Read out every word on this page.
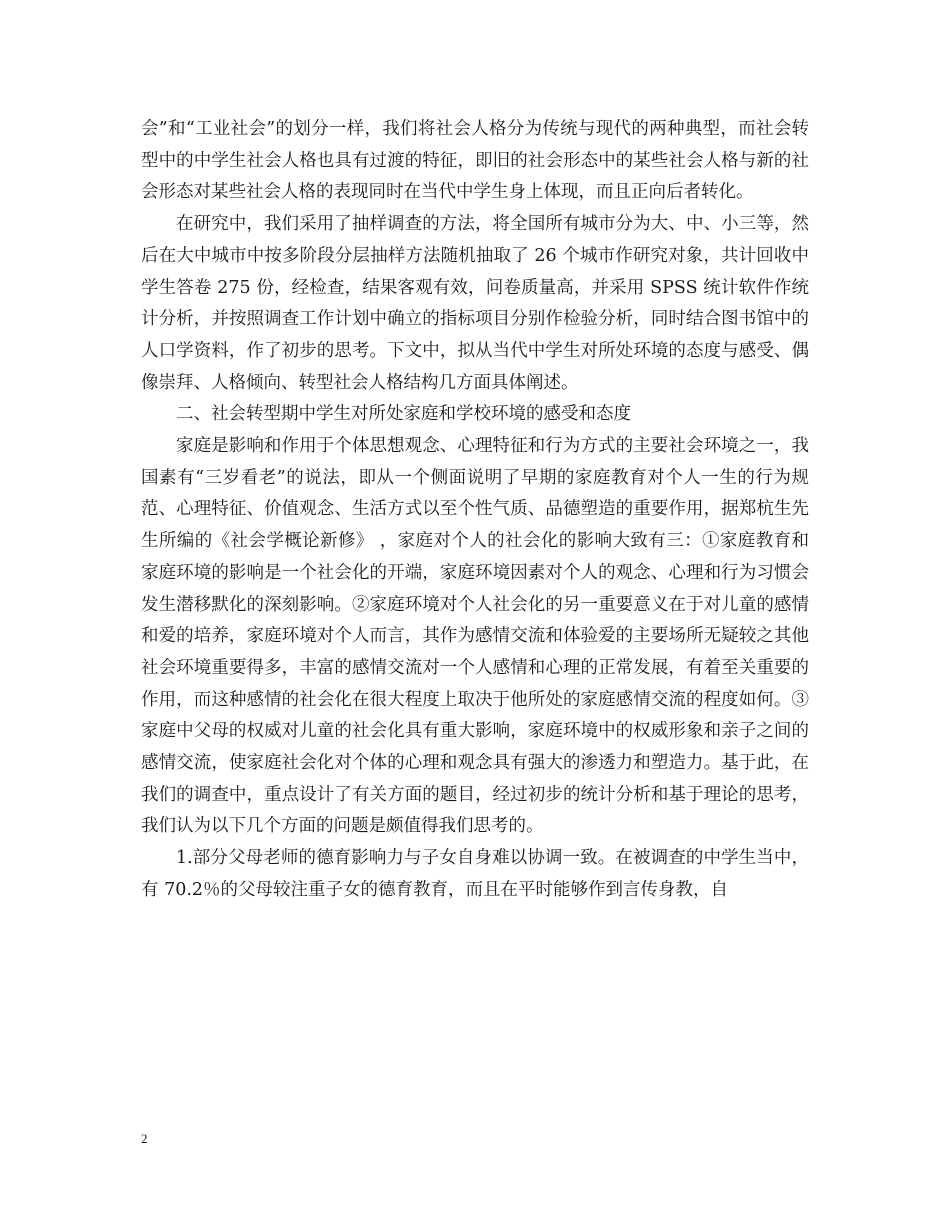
会”和“工业社会”的划分一样，我们将社会人格分为传统与现代的两种典型，而社会转型中的中学生社会人格也具有过渡的特征，即旧的社会形态中的某些社会人格与新的社会形态对某些社会人格的表现同时在当代中学生身上体现，而且正向后者转化。

在研究中，我们采用了抽样调查的方法，将全国所有城市分为大、中、小三等，然后在大中城市中按多阶段分层抽样方法随机抽取了 26 个城市作研究对象，共计回收中学生答卷 275 份，经检查，结果客观有效，问卷质量高，并采用 SPSS 统计软件作统计分析，并按照调查工作计划中确立的指标项目分别作检验分析，同时结合图书馆中的人口学资料，作了初步的思考。下文中，拟从当代中学生对所处环境的态度与感受、偶像崇拜、人格倾向、转型社会人格结构几方面具体阐述。

二、社会转型期中学生对所处家庭和学校环境的感受和态度

家庭是影响和作用于个体思想观念、心理特征和行为方式的主要社会环境之一，我国素有“三岁看老”的说法，即从一个侧面说明了早期的家庭教育对个人一生的行为规范、心理特征、价值观念、生活方式以至个性气质、品德塑造的重要作用，据郑杭生先生所编的《社会学概论新修》 ，家庭对个人的社会化的影响大致有三：①家庭教育和家庭环境的影响是一个社会化的开端，家庭环境因素对个人的观念、心理和行为习惯会发生潜移默化的深刻影响。②家庭环境对个人社会化的另一重要意义在于对儿童的感情和爱的培养，家庭环境对个人而言，其作为感情交流和体验爱的主要场所无疑较之其他社会环境重要得多，丰富的感情交流对一个人感情和心理的正常发展，有着至关重要的作用，而这种感情的社会化在很大程度上取决于他所处的家庭感情交流的程度如何。③家庭中父母的权威对儿童的社会化具有重大影响，家庭环境中的权威形象和亲子之间的感情交流，使家庭社会化对个体的心理和观念具有强大的渗透力和塑造力。基于此，在我们的调查中，重点设计了有关方面的题目，经过初步的统计分析和基于理论的思考，我们认为以下几个方面的问题是颇值得我们思考的。

1.部分父母老师的德育影响力与子女自身难以协调一致。在被调查的中学生当中，有 70.2％的父母较注重子女的德育教育，而且在平时能够作到言传身教，自

2
